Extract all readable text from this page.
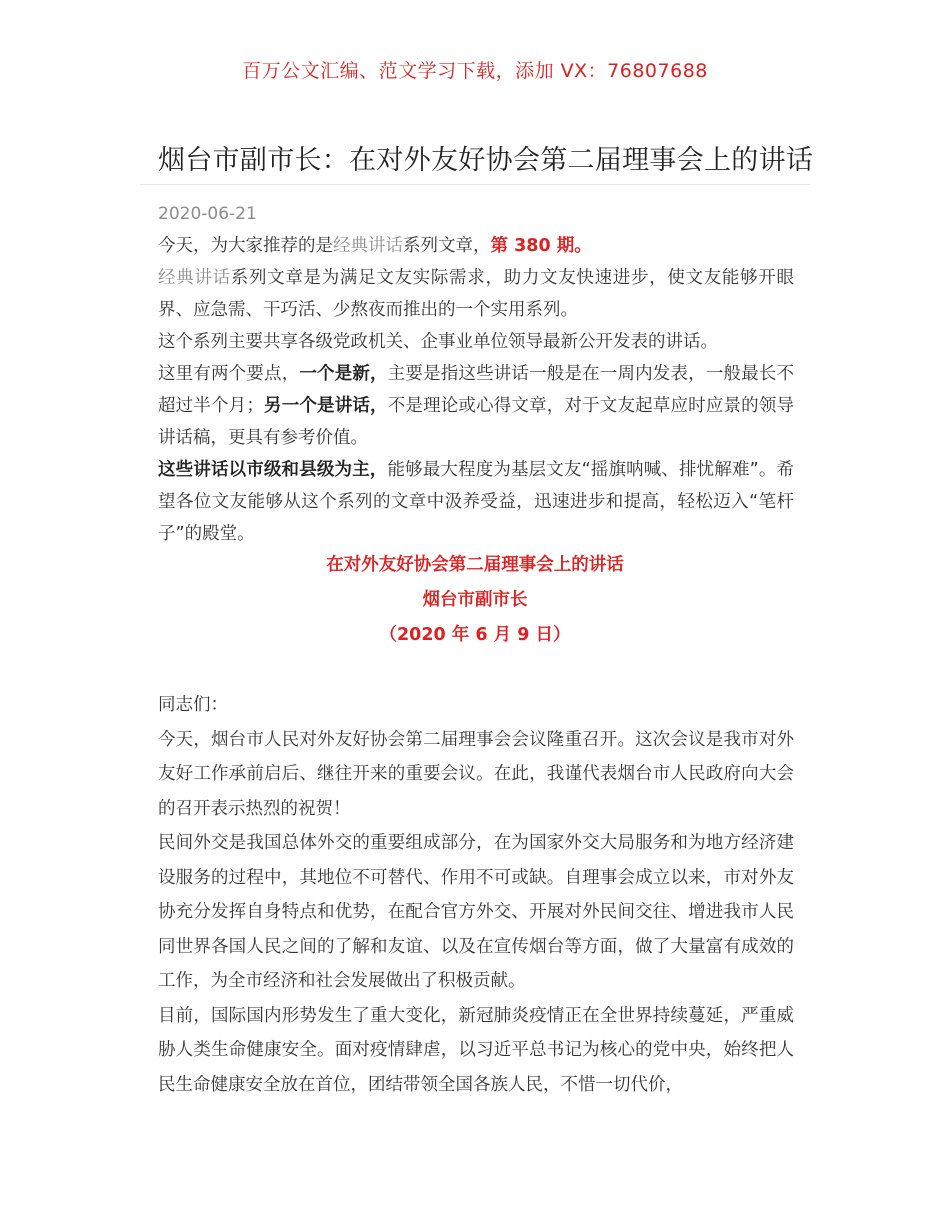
百万公文汇编、范文学习下载，添加 VX：76807688
烟台市副市长：在对外友好协会第二届理事会上的讲话
2020-06-21

今天，为大家推荐的是经典讲话系列文章，第 380 期。

经典讲话系列文章是为满足文友实际需求，助力文友快速进步，使文友能够开眼界、应急需、干巧活、少熬夜而推出的一个实用系列。

这个系列主要共享各级党政机关、企事业单位领导最新公开发表的讲话。

这里有两个要点，一个是新，主要是指这些讲话一般是在一周内发表，一般最长不超过半个月；另一个是讲话，不是理论或心得文章，对于文友起草应时应景的领导讲话稿，更具有参考价值。

这些讲话以市级和县级为主，能够最大程度为基层文友“摇旗呐喊、排忧解难”。希望各位文友能够从这个系列的文章中汲养受益，迅速进步和提高，轻松迈入“笔杆子”的殿堂。

在对外友好协会第二届理事会上的讲话
烟台市副市长
（2020 年 6 月 9 日）

同志们：

今天，烟台市人民对外友好协会第二届理事会会议隆重召开。这次会议是我市对外友好工作承前启后、继往开来的重要会议。在此，我谨代表烟台市人民政府向大会的召开表示热烈的祝贺！

民间外交是我国总体外交的重要组成部分，在为国家外交大局服务和为地方经济建设服务的过程中，其地位不可替代、作用不可或缺。自理事会成立以来，市对外友协充分发挥自身特点和优势，在配合官方外交、开展对外民间交往、增进我市人民同世界各国人民之间的了解和友谊、以及在宣传烟台等方面，做了大量富有成效的工作，为全市经济和社会发展做出了积极贡献。

目前，国际国内形势发生了重大变化，新冠肺炎疫情正在全世界持续蔓延，严重威胁人类生命健康安全。面对疫情肆虐，以习近平总书记为核心的党中央，始终把人民生命健康安全放在首位，团结带领全国各族人民，不惜一切代价，
